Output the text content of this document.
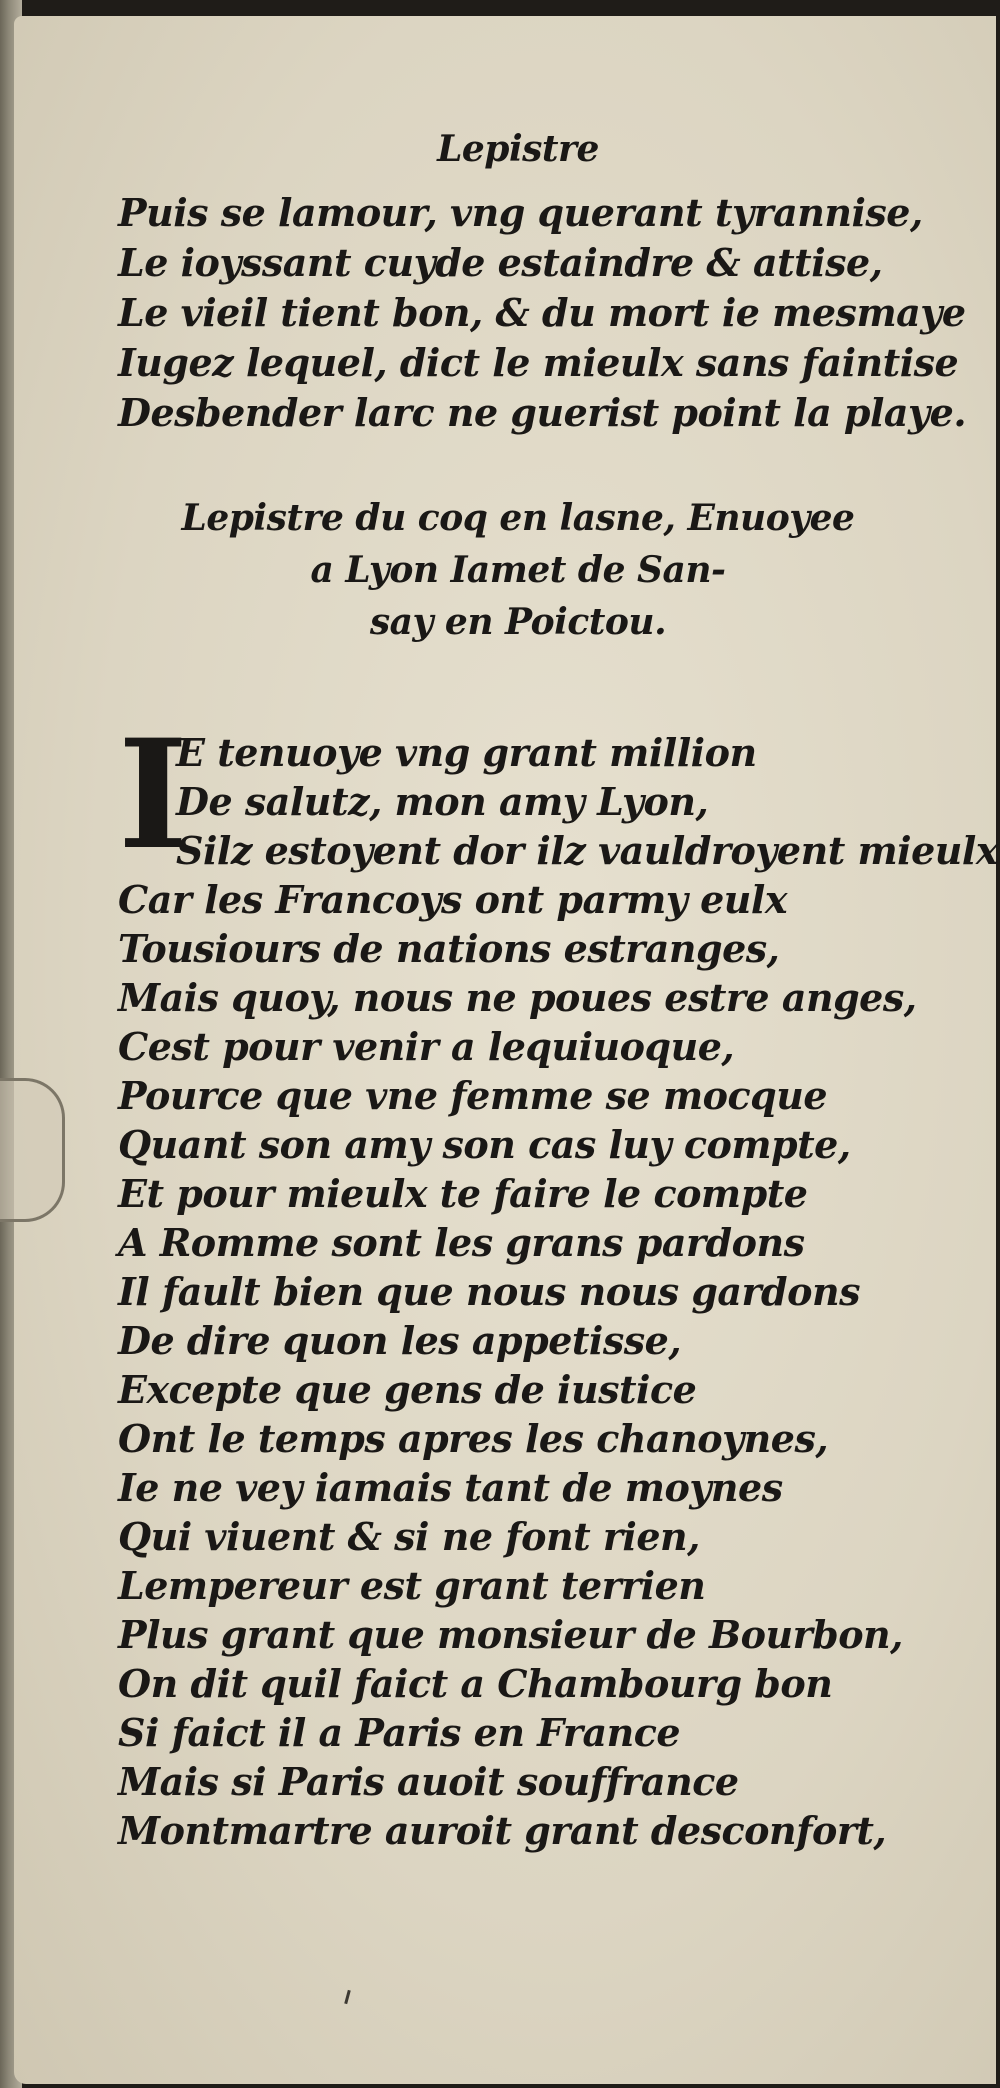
Lepistre
Puis se lamour, vng querant tyrannise,
Le ioyssant cuyde estaindre & attise,
Le vieil tient bon, & du mort ie mesmaye
Iugez lequel, dict le mieulx sans faintise
Desbender larc ne guerist point la playe.
Lepistre du coq en lasne, Enuoyee
a Lyon Iamet de San-
say en Poictou.
I
E tenuoye vng grant million
De salutz, mon amy Lyon,
Silz estoyent dor ilz vauldroyent mieulx
Car les Francoys ont parmy eulx
Tousiours de nations estranges,
Mais quoy, nous ne poues estre anges,
Cest pour venir a lequiuoque,
Pource que vne femme se mocque
Quant son amy son cas luy compte,
Et pour mieulx te faire le compte
A Romme sont les grans pardons
Il fault bien que nous nous gardons
De dire quon les appetisse,
Excepte que gens de iustice
Ont le temps apres les chanoynes,
Ie ne vey iamais tant de moynes
Qui viuent & si ne font rien,
Lempereur est grant terrien
Plus grant que monsieur de Bourbon,
On dit quil faict a Chambourg bon
Si faict il a Paris en France
Mais si Paris auoit souffrance
Montmartre auroit grant desconfort,
